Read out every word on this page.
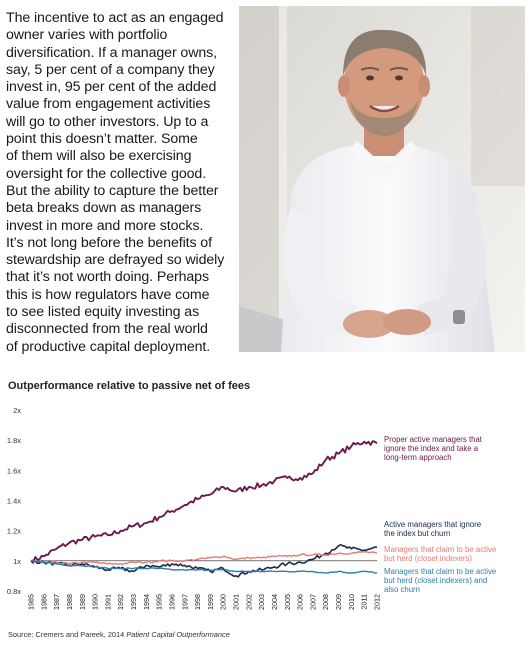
The incentive to act as an engaged
owner varies with portfolio
diversification. If a manager owns,
say, 5 per cent of a company they
invest in, 95 per cent of the added
value from engagement activities
will go to other investors. Up to a
point this doesn’t matter. Some
of them will also be exercising
oversight for the collective good.
But the ability to capture the better
beta breaks down as managers
invest in more and more stocks.
It’s not long before the benefits of
stewardship are defrayed so widely
that it’s not worth doing. Perhaps
this is how regulators have come
to see listed equity investing as
disconnected from the real world
of productive capital deployment.
Outperformance relative to passive net of fees
0.8x
1x
1.2x
1.4x
1.6x
1.8x
2x
1985 1986 1987 1988 1989 1990 1991 1992 1993 1994 1995 1996 1997 1998 1999 2000 2001 2002 2003 2004 2005 2006 2007 2008 2009 2010 2011 2012
Proper active managers that
ignore the index and take a
long-term approach
Active managers that ignore
the index but churn
Managers that claim to be active
but herd (closet indexers)
Managers that claim to be active
but herd (closet indexers) and
also churn
Source: Cremers and Pareek, 2014 Patient Capital Outperformance
